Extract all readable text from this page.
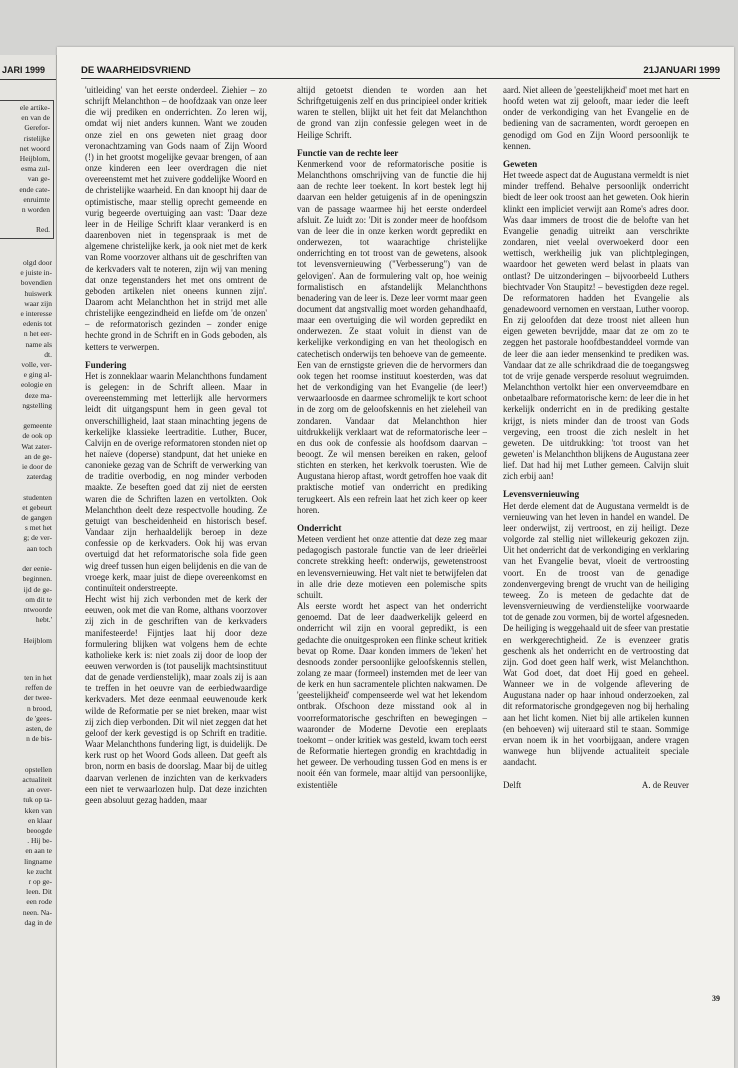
JARI 1999
ele artike-
en van de
Gerefor-
ristelijke
net woord
Heijblom,
esma zul-
van ge-
ende cate-
enruimte
n worden

Red.
olgd door
e juiste in-
bovendien
huiswerk
waar zijn
e interesse
edenis tot
n het eer-
name als
dt.
volle, ver-
e ging al-
eologie en
deze ma-
ngstelling

gemeente
de ook op
Wat zater-
an de ge-
ie door de
zaterdag

studenten
et gebeurt
de gangen
s met het
g; de ver-
aan toch

der eenie-
beginnen.
ijd de ge-
om dit te
ntwoorde
hebt.'

Heijblom
ten in het
reffen de
der twee-
n brood,
de 'gees-
asten, de
n de bis-

opstellen
actualiteit
an over-
tuk op ta-
kken van
en klaar
beoogde
. Hij be-
en aan te
lingname
ke zucht
r op ge-
leen. Dit
een rode
neen. Na-
dag in de
DE WAARHEIDSVRIEND	21JANUARI 1999

'uitleiding' van het eerste onderdeel. Ziehier – zo schrijft Melanchthon – de hoofdzaak van onze leer die wij prediken en onderrichten. Zo leren wij, omdat wij niet anders kunnen. Want we zouden onze ziel en ons geweten niet graag door veronachtzaming van Gods naam of Zijn Woord (!) in het grootst mogelijke gevaar brengen, of aan onze kinderen een leer overdragen die niet overeenstemt met het zuivere goddelijke Woord en de christelijke waarheid. En dan knoopt hij daar de optimistische, maar stellig oprecht gemeende en vurig begeerde overtuiging aan vast: 'Daar deze leer in de Heilige Schrift klaar verankerd is en daarenboven niet in tegenspraak is met de algemene christelijke kerk, ja ook niet met de kerk van Rome voorzover althans uit de geschriften van de kerkvaders valt te noteren, zijn wij van mening dat onze tegenstanders het met ons omtrent de geboden artikelen niet oneens kunnen zijn'. Daarom acht Melanchthon het in strijd met alle christelijke eengezindheid en liefde om 'de onzen' – de reformatorisch gezinden – zonder enige hechte grond in de Schrift en in Gods geboden, als ketters te verwerpen.

Fundering

Het is zonneklaar waarin Melanchthons fundament is gelegen: in de Schrift alleen. Maar in overeenstemming met letterlijk alle hervormers leidt dit uitgangspunt hem in geen geval tot onverschilligheid, laat staan minachting jegens de kerkelijke klassieke leertraditie. Luther, Bucer, Calvijn en de overige reformatoren stonden niet op het naïeve (doperse) standpunt, dat het unieke en canonieke gezag van de Schrift de verwerking van de traditie overbodig, en nog minder verboden maakte. Ze beseften goed dat zij niet de eersten waren die de Schriften lazen en vertolkten. Ook Melanchthon deelt deze respectvolle houding. Ze getuigt van bescheidenheid en historisch besef. Vandaar zijn herhaaldelijk beroep in deze confessie op de kerkvaders. Ook hij was ervan overtuigd dat het reformatorische sola fide geen wig dreef tussen hun eigen belijdenis en die van de vroege kerk, maar juist de diepe overeenkomst en continuïteit onderstreepte.

Hecht wist hij zich verbonden met de kerk der eeuwen, ook met die van Rome, althans voorzover zij zich in de geschriften van de kerkvaders manifesteerde! Fijntjes laat hij door deze formulering blijken wat volgens hem de echte katholieke kerk is: niet zoals zij door de loop der eeuwen verworden is (tot pauselijk machtsinstituut dat de genade verdienstelijk), maar zoals zij is aan te treffen in het oeuvre van de eerbiedwaardige kerkvaders. Met deze eenmaal eeuwenoude kerk wilde de Reformatie per se niet breken, maar wist zij zich diep verbonden. Dit wil niet zeggen dat het geloof der kerk gevestigd is op Schrift en traditie. Waar Melanchthons fundering ligt, is duidelijk. De kerk rust op het Woord Gods alleen. Dat geeft als bron, norm en basis de doorslag. Maar bij de uitleg daarvan verlenen de inzichten van de kerkvaders een niet te verwaarlozen hulp. Dat deze inzichten geen absoluut gezag hadden, maar

altijd getoetst dienden te worden aan het Schriftgetuigenis zelf en dus principieel onder kritiek waren te stellen, blijkt uit het feit dat Melanchthon de grond van zijn confessie gelegen weet in de Heilige Schrift.

Functie van de rechte leer

Kenmerkend voor de reformatorische positie is Melanchthons omschrijving van de functie die hij aan de rechte leer toekent. In kort bestek legt hij daarvan een helder getuigenis af in de openingszin van de passage waarmee hij het eerste onderdeel afsluit. Ze luidt zo: 'Dit is zonder meer de hoofdsom van de leer die in onze kerken wordt gepredikt en onderwezen, tot waarachtige christelijke onderrichting en tot troost van de gewetens, alsook tot levensvernieuwing ("Verbesserung") van de gelovigen'. Aan de formulering valt op, hoe weinig formalistisch en afstandelijk Melanchthons benadering van de leer is. Deze leer vormt maar geen document dat angstvallig moet worden gehandhaafd, maar een overtuiging die wil worden gepredikt en onderwezen. Ze staat voluit in dienst van de kerkelijke verkondiging en van het theologisch en catechetisch onderwijs ten behoeve van de gemeente.

Een van de ernstigste grieven die de hervormers dan ook tegen het roomse instituut koesterden, was dat het de verkondiging van het Evangelie (de leer!) verwaarloosde en daarmee schromelijk te kort schoot in de zorg om de geloofskennis en het zieleheil van zondaren. Vandaar dat Melanchthon hier uitdrukkelijk verklaart wat de reformatorische leer – en dus ook de confessie als hoofdsom daarvan – beoogt. Ze wil mensen bereiken en raken, geloof stichten en sterken, het kerkvolk toerusten. Wie de Augustana hierop aftast, wordt getroffen hoe vaak dit praktische motief van onderricht en prediking terugkeert. Als een refrein laat het zich keer op keer horen.

Onderricht

Meteen verdient het onze attentie dat deze zeg maar pedagogisch pastorale functie van de leer drieërlei concrete strekking heeft: onderwijs, gewetenstroost en levensvernieuwing. Het valt niet te betwijfelen dat in alle drie deze motieven een polemische spits schuilt.

Als eerste wordt het aspect van het onderricht genoemd. Dat de leer daadwerkelijk geleerd en onderricht wil zijn en vooral gepredikt, is een gedachte die onuitgesproken een flinke scheut kritiek bevat op Rome. Daar konden immers de 'leken' het desnoods zonder persoonlijke geloofskennis stellen, zolang ze maar (formeel) instemden met de leer van de kerk en hun sacramentele plichten nakwamen. De 'geestelijkheid' compenseerde wel wat het lekendom ontbrak. Ofschoon deze misstand ook al in voorreformatorische geschriften en bewegingen – waaronder de Moderne Devotie een ereplaats toekomt – onder kritiek was gesteld, kwam toch eerst de Reformatie hiertegen grondig en krachtdadig in het geweer. De verhouding tussen God en mens is er nooit één van formele, maar altijd van persoonlijke, existentiële

aard. Niet alleen de 'geestelijkheid' moet met hart en hoofd weten wat zij gelooft, maar ieder die leeft onder de verkondiging van het Evangelie en de bediening van de sacramenten, wordt geroepen en genodigd om God en Zijn Woord persoonlijk te kennen.

Geweten

Het tweede aspect dat de Augustana vermeldt is niet minder treffend. Behalve persoonlijk onderricht biedt de leer ook troost aan het geweten. Ook hierin klinkt een impliciet verwijt aan Rome's adres door. Was daar immers de troost die de belofte van het Evangelie genadig uitreikt aan verschrikte zondaren, niet veelal overwoekerd door een wettisch, werkheilig juk van plichtplegingen, waardoor het geweten werd belast in plaats van ontlast? De uitzonderingen – bijvoorbeeld Luthers biechtvader Von Staupitz! – bevestigden deze regel. De reformatoren hadden het Evangelie als genadewoord vernomen en verstaan, Luther voorop. En zij geloofden dat deze troost niet alleen hun eigen geweten bevrijdde, maar dat ze om zo te zeggen het pastorale hoofdbestanddeel vormde van de leer die aan ieder mensenkind te prediken was. Vandaar dat ze alle schrikdraad die de toegangsweg tot de vrije genade versperde resoluut wegruimden. Melanchthon vertolkt hier een onverveemdbare en onbetaalbare reformatorische kern: de leer die in het kerkelijk onderricht en in de prediking gestalte krijgt, is niets minder dan de troost van Gods vergeving, een troost die zich neslelt in het geweten. De uitdrukking: 'tot troost van het geweten' is Melanchthon blijkens de Augustana zeer lief. Dat had hij met Luther gemeen. Calvijn sluit zich erbij aan!

Levensvernieuwing

Het derde element dat de Augustana vermeldt is de vernieuwing van het leven in handel en wandel. De leer onderwijst, zij vertroost, en zij heiligt. Deze volgorde zal stellig niet willekeurig gekozen zijn. Uit het onderricht dat de verkondiging en verklaring van het Evangelie bevat, vloeit de vertroosting voort. En de troost van de genadige zondenvergeving brengt de vrucht van de heiliging teweeg. Zo is meteen de gedachte dat de levensvernieuwing de verdienstelijke voorwaarde tot de genade zou vormen, bij de wortel afgesneden. De heiliging is weggehaald uit de sfeer van prestatie en werkgerechtigheid. Ze is evenzeer gratis geschenk als het onderricht en de vertroosting dat zijn. God doet geen half werk, wist Melanchthon. Wat God doet, dat doet Hij goed en geheel. Wanneer we in de volgende aflevering de Augustana nader op haar inhoud onderzoeken, zal dit reformatorische grondgegeven nog bij herhaling aan het licht komen. Niet bij alle artikelen kunnen (en behoeven) wij uiteraard stil te staan. Sommige ervan noem ik in het voorbijgaan, andere vragen wanwege hun blijvende actualiteit speciale aandacht.

Delft	A. de Reuver
39
